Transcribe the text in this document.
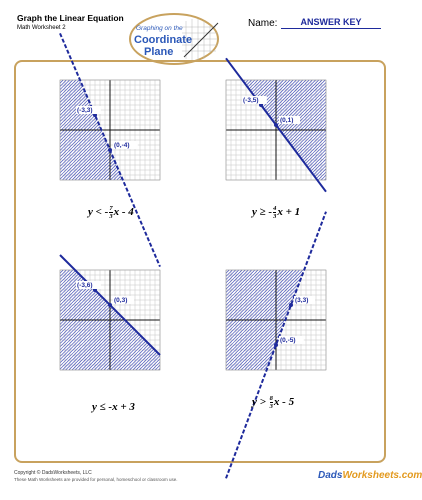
Graph the Linear Equation
Math Worksheet 2	Graphing on the
Coordinate
Plane
Name:	ANSWER KEY
(-3,3)
(0,-4)
(-3,5)
(0,1)
(-3,6)
(0,3)	(3,3)
(0,-5)
y < - $\frac{7}{3}$ x - 4	y ≥ - $\frac{4}{3}$ x + 1
y ≤ -x + 3	$y > \frac{8}{3}$ x - 5
Copyright © DadsWorksheets, LLC
These Math Worksheets are provided for personal, homeschool or classroom use.	DadsWorksheets.com
